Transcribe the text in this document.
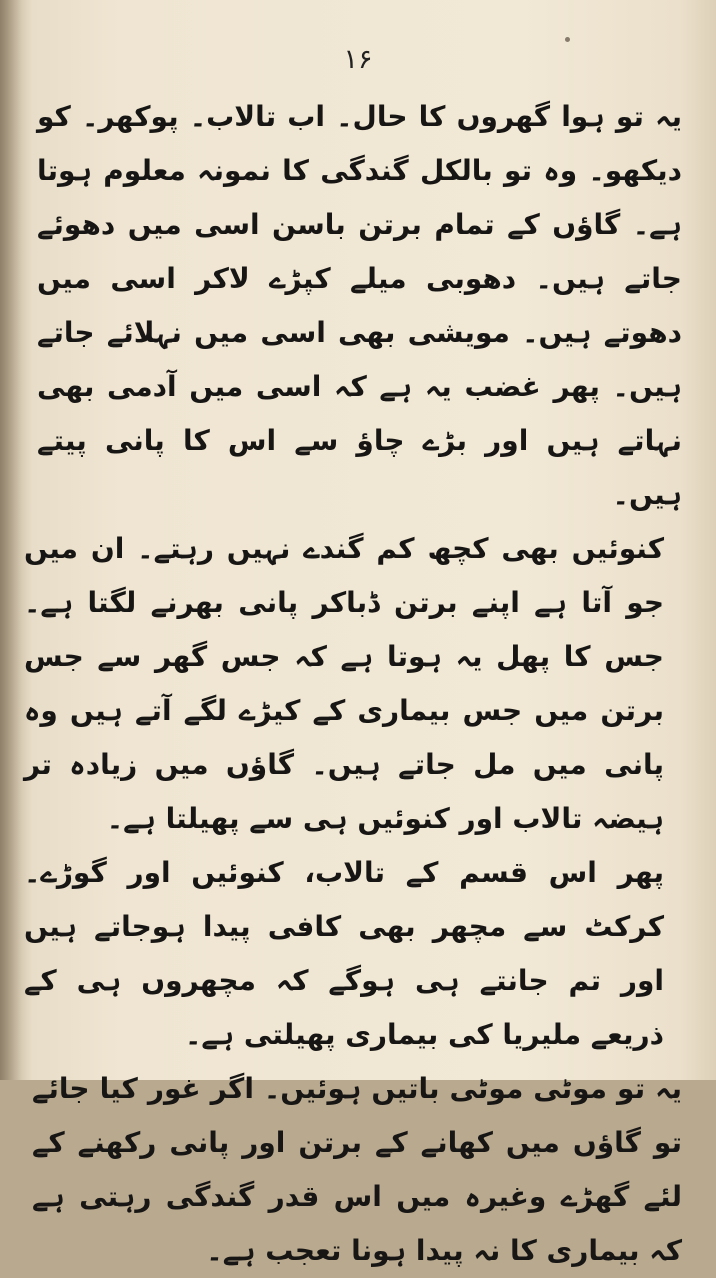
۱۶

یہ تو ہوا گھروں کا حال۔ اب تالاب۔ پوکھر۔ کو دیکھو۔ وہ تو بالکل گندگی کا نمونہ معلوم ہوتا ہے۔ گاؤں کے تمام برتن باسن اسی میں دھوئے جاتے ہیں۔ دھوبی میلے کپڑے لاکر اسی میں دھوتے ہیں۔ مویشی بھی اسی میں نہلائے جاتے ہیں۔ پھر غضب یہ ہے کہ اسی میں آدمی بھی نہاتے ہیں اور بڑے چاؤ سے اس کا پانی پیتے ہیں۔

کنوئیں بھی کچھ کم گندے نہیں رہتے۔ ان میں جو آتا ہے اپنے برتن ڈباکر پانی بھرنے لگتا ہے۔ جس کا پھل یہ ہوتا ہے کہ جس گھر سے جس برتن میں جس بیماری کے کیڑے لگے آتے ہیں وہ پانی میں مل جاتے ہیں۔ گاؤں میں زیادہ تر ہیضہ تالاب اور کنوئیں ہی سے پھیلتا ہے۔

پھر اس قسم کے تالاب، کنوئیں اور گوڑے۔ کرکٹ سے مچھر بھی کافی پیدا ہوجاتے ہیں اور تم جانتے ہی ہوگے کہ مچھروں ہی کے ذریعے ملیریا کی بیماری پھیلتی ہے۔

یہ تو موٹی موٹی باتیں ہوئیں۔ اگر غور کیا جائے تو گاؤں میں کھانے کے برتن اور پانی رکھنے کے لئے گھڑے وغیرہ میں اس قدر گندگی رہتی ہے کہ بیماری کا نہ پیدا ہونا تعجب ہے۔
